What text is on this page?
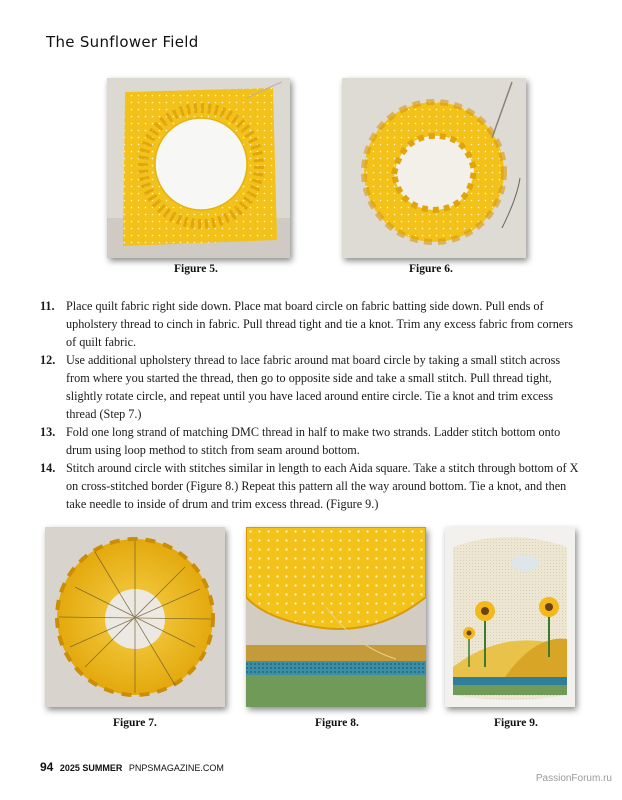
The Sunflower Field
Figure 5.	Figure 6.
11. Place quilt fabric right side down. Place mat board circle on fabric batting side down. Pull ends of upholstery thread to cinch in fabric. Pull thread tight and tie a knot. Trim any excess fabric from corners of quilt fabric.
12. Use additional upholstery thread to lace fabric around mat board circle by taking a small stitch across from where you started the thread, then go to opposite side and take a small stitch. Pull thread tight, slightly rotate circle, and repeat until you have laced around entire circle. Tie a knot and trim excess thread (Step 7.)
13. Fold one long strand of matching DMC thread in half to make two strands. Ladder stitch bottom onto drum using loop method to stitch from seam around bottom.
14. Stitch around circle with stitches similar in length to each Aida square. Take a stitch through bottom of X on cross-stitched border (Figure 8.) Repeat this pattern all the way around bottom. Tie a knot, and then take needle to inside of drum and trim excess thread. (Figure 9.)
Figure 7.	Figure 8.	Figure 9.
94 2025 SUMMER PNPSMAGAZINE.COM
PassionForum.ru
